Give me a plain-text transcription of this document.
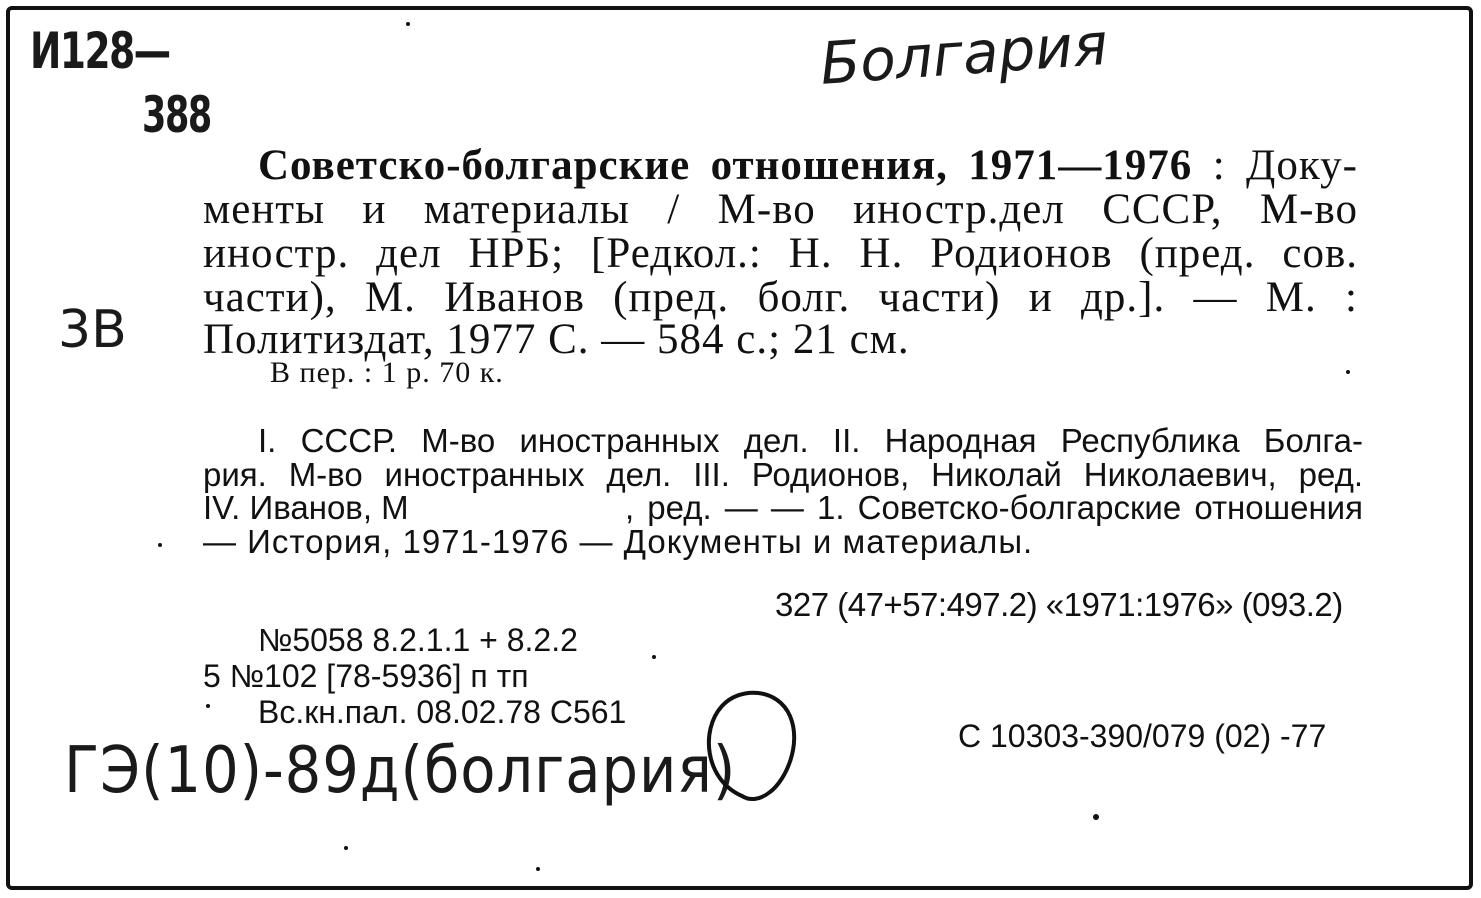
И128—
388
Болгария
3В
Советско-болгарские отношения, 1971—1976 : Доку-
менты и материалы / М-во иностр.дел СССР, М-во
иностр. дел НРБ; [Редкол.: Н. Н. Родионов (пред. сов.
части), М. Иванов (пред. болг. части) и др.]. — М. :
Политиздат, 1977 С. — 584 с.; 21 см.
В пер. : 1 р. 70 к.
I. СССР. М-во иностранных дел. II. Народная Республика Болга-
рия. М-во иностранных дел. III. Родионов, Николай Николаевич, ред.
IV. Иванов, М	, ред. — — 1. Советско-болгарские отношения
— История, 1971-1976 — Документы и материалы.
327 (47+57:497.2) «1971:1976» (093.2)
№5058 8.2.1.1 + 8.2.2
5 №102 [78-5936] п тп
Вс.кн.пал. 08.02.78 С561
С 10303-390/079 (02) -77
ГЭ(10)-89д(болгария)
